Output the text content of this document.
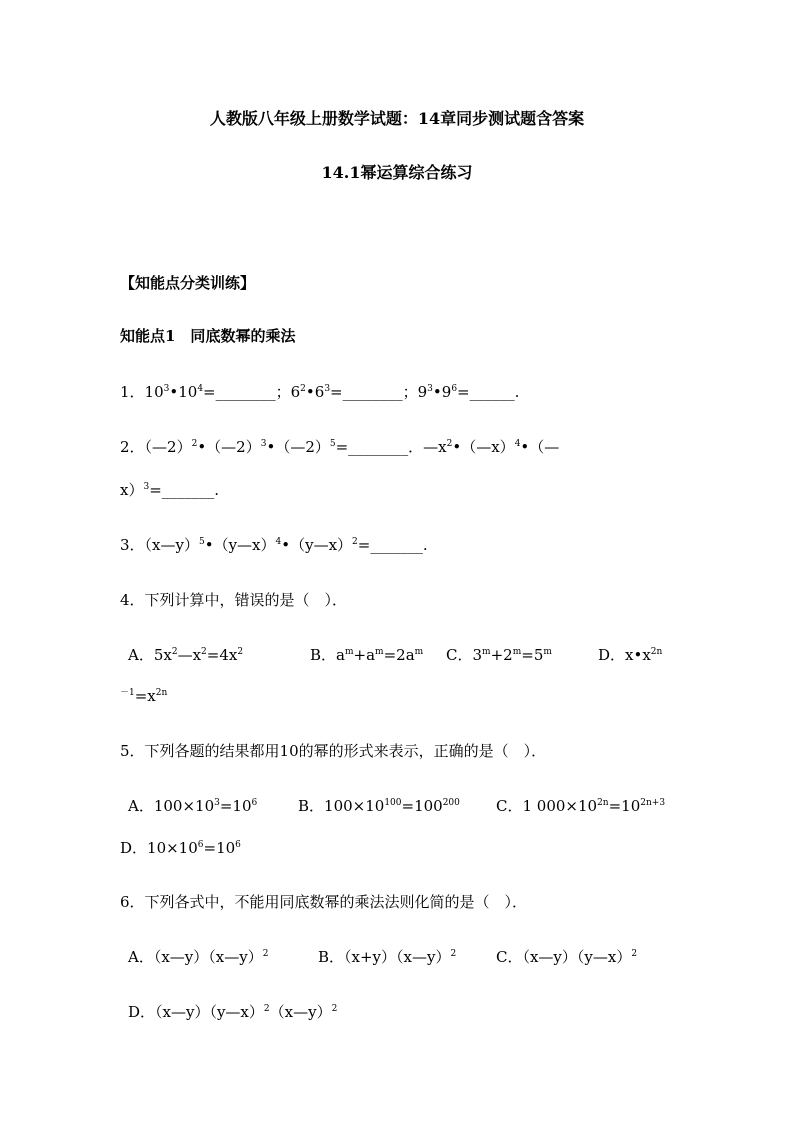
人教版八年级上册数学试题：14章同步测试题含答案
14.1幂运算综合练习
【知能点分类训练】
知能点1　同底数幂的乘法
1．$10^3•10^4=\_\_\_\_\_\_\_\_$；$6^2•6^3=\_\_\_\_\_\_\_\_$；$9^3•9^6=\_\_\_\_\_\_$.
2．（—2）$^2$•（—2）$^3$•（—2）$^5$=________．$—x^2•(—x)^4•(—$
x）$^3$=_______.
3．（x—y）$^5$•（y—x）$^4$•（y—x）$^2$=_______.
4．下列计算中，错误的是（　）．
A．$5x^2—x^2=4x^2$	B．$a^m+a^m=2a^m$ C．$3^m+2^m=5^m$	D．$x•x^{2n}$
$^{-1}=x^{2n}$
5．下列各题的结果都用10的幂的形式来表示，正确的是（　）．
A．$100\times 10^3=10^6$	B．$100\times 10^{100}=100^{200}$ C．1 $000\times 10^{2n}=10^{2n+3}$
D．$10\times 10^6=10^6$
6．下列各式中，不能用同底数幂的乘法法则化简的是（　）．
A．（x—y）（x—y）$^2$	B．（x+y）（x—y）$^2$	C．（x—y）（y—x）$^2$
D．（x—y）（y—x）$^2$（x—y）$^2$
